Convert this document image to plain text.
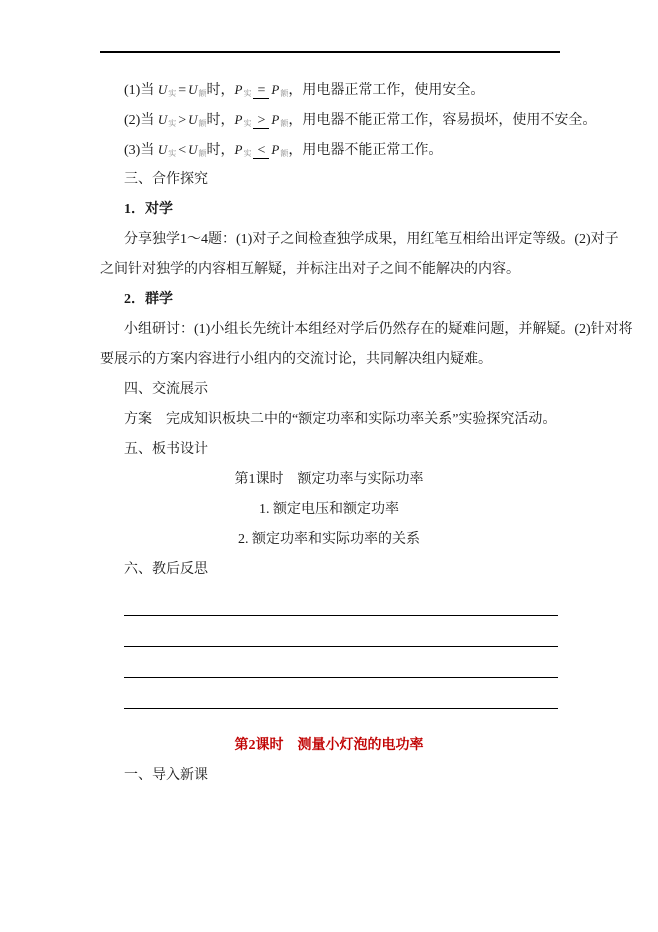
(1)当 $U_实 = U_额$时，$P_实 = P_额$，用电器正常工作，使用安全。
(2)当 $U_实 > U_额$时，$P_实 > P_额$，用电器不能正常工作，容易损坏，使用不安全。
(3)当 $U_实 < U_额$时，$P_实 < P_额$，用电器不能正常工作。
三、合作探究
1．对学
分享独学1～4题：(1)对子之间检查独学成果，用红笔互相给出评定等级。(2)对子
之间针对独学的内容相互解疑，并标注出对子之间不能解决的内容。
2．群学
小组研讨：(1)小组长先统计本组经对学后仍然存在的疑难问题，并解疑。(2)针对将
要展示的方案内容进行小组内的交流讨论，共同解决组内疑难。
四、交流展示
方案 完成知识板块二中的“额定功率和实际功率关系”实验探究活动。
五、板书设计
第1课时　额定功率与实际功率
1. 额定电压和额定功率
2. 额定功率和实际功率的关系
六、教后反思
第2课时　测量小灯泡的电功率
一、导入新课
